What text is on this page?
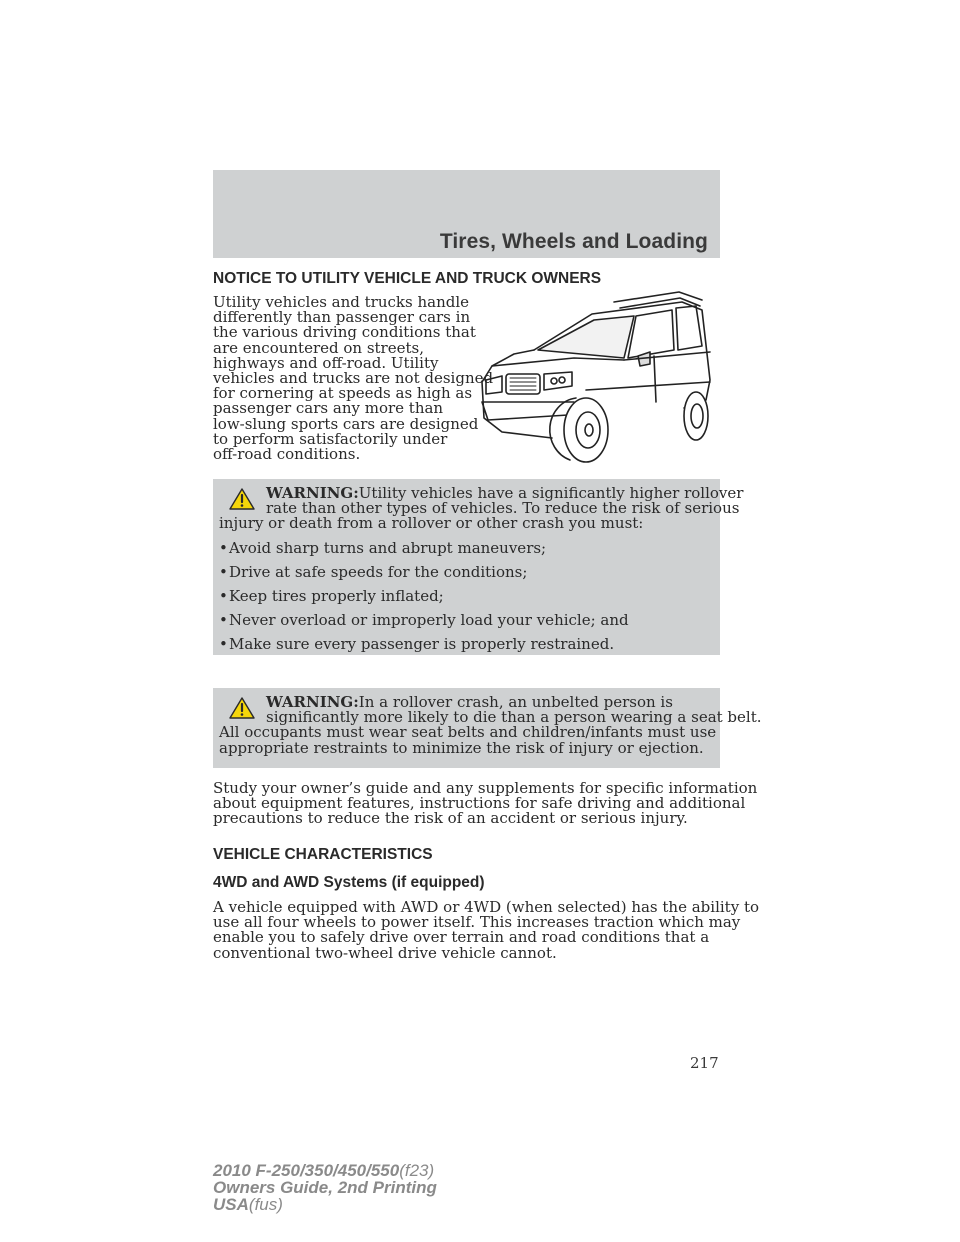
Tires, Wheels and Loading
NOTICE TO UTILITY VEHICLE AND TRUCK OWNERS
Utility vehicles and trucks handle
differently than passenger cars in
the various driving conditions that
are encountered on streets,
highways and off-road. Utility
vehicles and trucks are not designed
for cornering at speeds as high as
passenger cars any more than
low-slung sports cars are designed
to perform satisfactorily under
off-road conditions.
WARNING:Utility vehicles have a significantly higher rollover
rate than other types of vehicles. To reduce the risk of serious
injury or death from a rollover or other crash you must:
• Avoid sharp turns and abrupt maneuvers;
• Drive at safe speeds for the conditions;
• Keep tires properly inflated;
• Never overload or improperly load your vehicle; and
• Make sure every passenger is properly restrained.
WARNING:In a rollover crash, an unbelted person is
significantly more likely to die than a person wearing a seat belt.
All occupants must wear seat belts and children/infants must use
appropriate restraints to minimize the risk of injury or ejection.
Study your owner’s guide and any supplements for specific information
about equipment features, instructions for safe driving and additional
precautions to reduce the risk of an accident or serious injury.
VEHICLE CHARACTERISTICS
4WD and AWD Systems (if equipped)
A vehicle equipped with AWD or 4WD (when selected) has the ability to
use all four wheels to power itself. This increases traction which may
enable you to safely drive over terrain and road conditions that a
conventional two-wheel drive vehicle cannot.
217
2010 F-250/350/450/550(f23)
Owners Guide, 2nd Printing
USA(fus)
